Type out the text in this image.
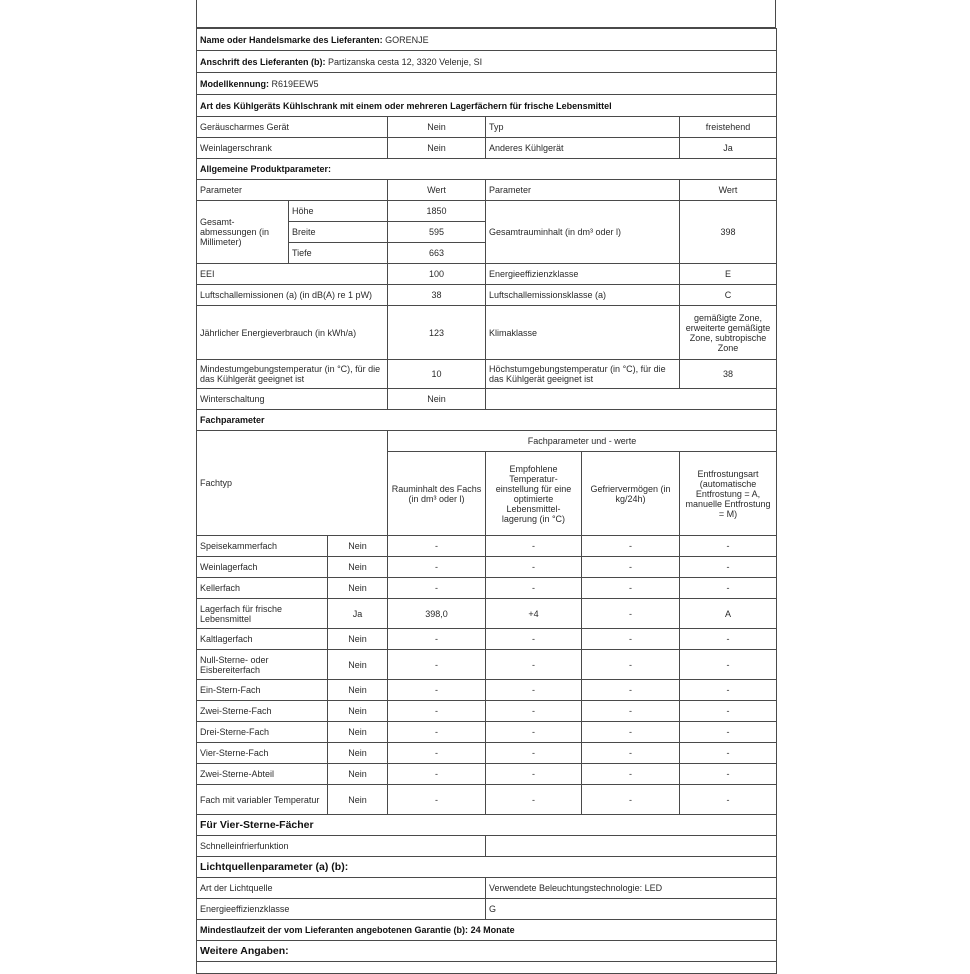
Name oder Handelsmarke des Lieferanten: GORENJE						
Anschrift des Lieferanten (b): Partizanska cesta 12, 3320 Velenje, SI						
Modellkennung: R619EEW5						
Art des Kühlgeräts Kühlschrank mit einem oder mehreren Lagerfächern für frische Lebensmittel						
Geräuscharmes Gerät			Nein	Typ		freistehend
Weinlagerschrank			Nein	Anderes Kühlgerät		Ja
Allgemeine Produktparameter:						
Parameter			Wert	Parameter		Wert
Gesamt-abmessungen (in Millimeter)	Höhe		1850	Gesamtrauminhalt (in dm³ oder l)		398
	Breite		595			
	Tiefe		663			
EEI			100	Energieeffizienzklasse		E
Luftschallemissionen (a) (in dB(A) re 1 pW)			38	Luftschallemissionsklasse (a)		C
Jährlicher Energieverbrauch (in kWh/a)			123	Klimaklasse		gemäßigte Zone, erweiterte gemäßigte Zone, subtropische Zone
Mindestumgebungstemperatur (in °C), für die das Kühlgerät geeignet ist			10	Höchstumgebungstemperatur (in °C), für die das Kühlgerät geeignet ist		38
Winterschaltung			Nein			
Fachparameter						
Fachtyp			Fachparameter und - werte			
			Rauminhalt des Fachs (in dm³ oder l)	Empfohlene Temperatur-einstellung für eine optimierte Lebensmittel-lagerung (in °C)	Gefriervermögen (in kg/24h)	Entfrostungsart (automatische Entfrostung = A, manuelle Entfrostung = M)
Speisekammerfach		Nein	-	-	-	-
Weinlagerfach		Nein	-	-	-	-
Kellerfach		Nein	-	-	-	-
Lagerfach für frische Lebensmittel		Ja	398,0	+4	-	A
Kaltlagerfach		Nein	-	-	-	-
Null-Sterne- oder Eisbereiterfach		Nein	-	-	-	-
Ein-Stern-Fach		Nein	-	-	-	-
Zwei-Sterne-Fach		Nein	-	-	-	-
Drei-Sterne-Fach		Nein	-	-	-	-
Vier-Sterne-Fach		Nein	-	-	-	-
Zwei-Sterne-Abteil		Nein	-	-	-	-
Fach mit variabler Temperatur		Nein	-	-	-	-
Für Vier-Sterne-Fächer						
Schnelleinfrierfunktion						
Lichtquellenparameter (a) (b):						
Art der Lichtquelle				Verwendete Beleuchtungstechnologie: LED		
Energieeffizienzklasse				G		
Mindestlaufzeit der vom Lieferanten angebotenen Garantie (b): 24 Monate						
Weitere Angaben:						
